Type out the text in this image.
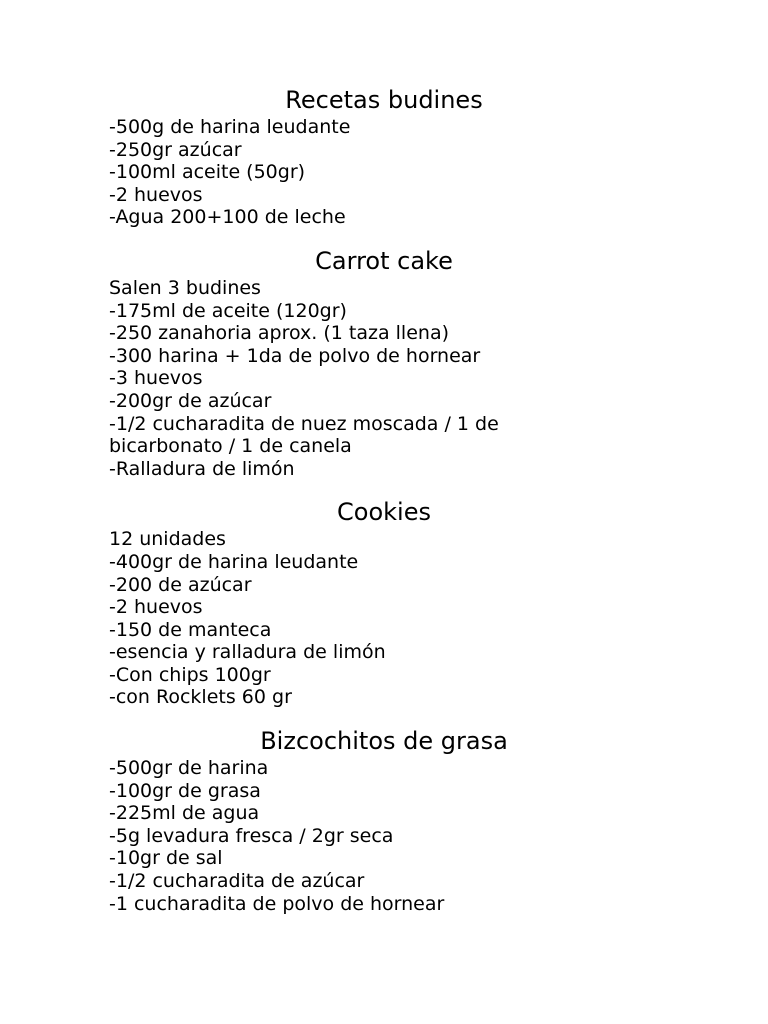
Recetas budines

-500g de harina leudante

-250gr azúcar

-100ml aceite (50gr)

-2 huevos

-Agua 200+100 de leche

Carrot cake

Salen 3 budines

-175ml de aceite (120gr)

-250 zanahoria aprox. (1 taza llena)

-300 harina + 1da de polvo de hornear

-3 huevos

-200gr de azúcar

-1/2 cucharadita de nuez moscada / 1 de

bicarbonato / 1 de canela

-Ralladura de limón

Cookies

12 unidades

-400gr de harina leudante

-200 de azúcar

-2 huevos

-150 de manteca

-esencia y ralladura de limón

-Con chips 100gr

-con Rocklets 60 gr

Bizcochitos de grasa

-500gr de harina

-100gr de grasa

-225ml de agua

-5g levadura fresca / 2gr seca

-10gr de sal

-1/2 cucharadita de azúcar

-1 cucharadita de polvo de hornear
